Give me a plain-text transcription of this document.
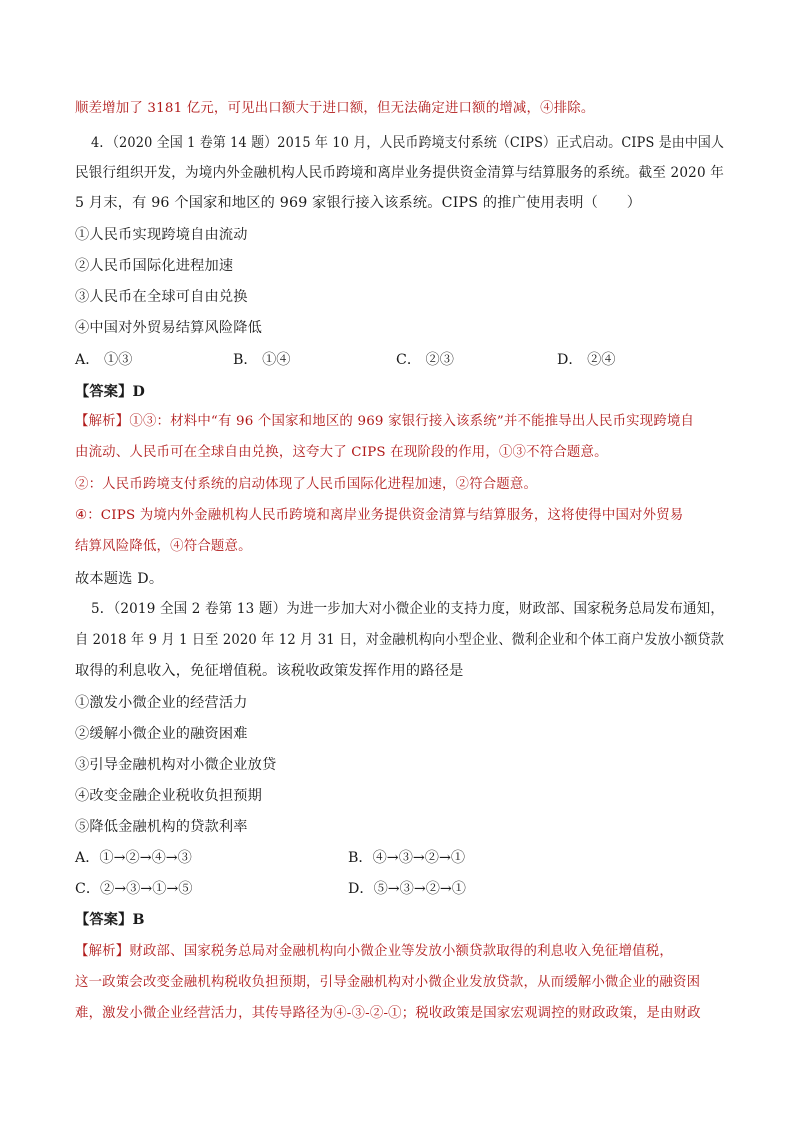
顺差增加了 3181 亿元，可见出口额大于进口额，但无法确定进口额的增减，④排除。
4．（2020 全国 1 卷第 14 题）2015 年 10 月，人民币跨境支付系统（CIPS）正式启动。CIPS 是由中国人
民银行组织开发，为境内外金融机构人民币跨境和离岸业务提供资金清算与结算服务的系统。截至 2020 年
5 月末，有 96 个国家和地区的 969 家银行接入该系统。CIPS 的推广使用表明（　　）
①人民币实现跨境自由流动
②人民币国际化进程加速
③人民币在全球可自由兑换
④中国对外贸易结算风险降低
A． ①③	B． ①④	C． ②③	D． ②④
【答案】D
【解析】①③：材料中“有 96 个国家和地区的 969 家银行接入该系统”并不能推导出人民币实现跨境自
由流动、人民币可在全球自由兑换，这夸大了 CIPS 在现阶段的作用，①③不符合题意。
②：人民币跨境支付系统的启动体现了人民币国际化进程加速，②符合题意。
④：CIPS 为境内外金融机构人民币跨境和离岸业务提供资金清算与结算服务，这将使得中国对外贸易
结算风险降低，④符合题意。
故本题选 D。
5．（2019 全国 2 卷第 13 题）为进一步加大对小微企业的支持力度，财政部、国家税务总局发布通知，
自 2018 年 9 月 1 日至 2020 年 12 月 31 日，对金融机构向小型企业、微利企业和个体工商户发放小额贷款
取得的利息收入，免征增值税。该税收政策发挥作用的路径是
①激发小微企业的经营活力
②缓解小微企业的融资困难
③引导金融机构对小微企业放贷
④改变金融企业税收负担预期
⑤降低金融机构的贷款利率
A．①→②→④→③	B．④→③→②→①
C．②→③→①→⑤	D．⑤→③→②→①
【答案】B
【解析】财政部、国家税务总局对金融机构向小微企业等发放小额贷款取得的利息收入免征增值税，
这一政策会改变金融机构税收负担预期，引导金融机构对小微企业发放贷款，从而缓解小微企业的融资困
难，激发小微企业经营活力，其传导路径为④-③-②-①；税收政策是国家宏观调控的财政政策，是由财政
